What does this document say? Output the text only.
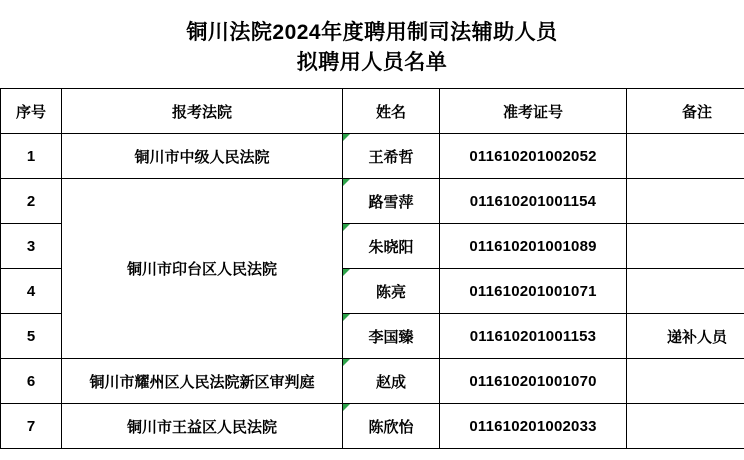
铜川法院2024年度聘用制司法辅助人员
拟聘用人员名单
序号	报考法院	姓名	准考证号	备注
1	铜川市中级人民法院	王希哲	011610201002052	
2	铜川市印台区人民法院	路雪萍	011610201001154	
3		朱晓阳	011610201001089	
4		陈亮	011610201001071	
5		李国臻	011610201001153	递补人员
6	铜川市耀州区人民法院新区审判庭	赵成	011610201001070	
7	铜川市王益区人民法院	陈欣怡	011610201002033	
